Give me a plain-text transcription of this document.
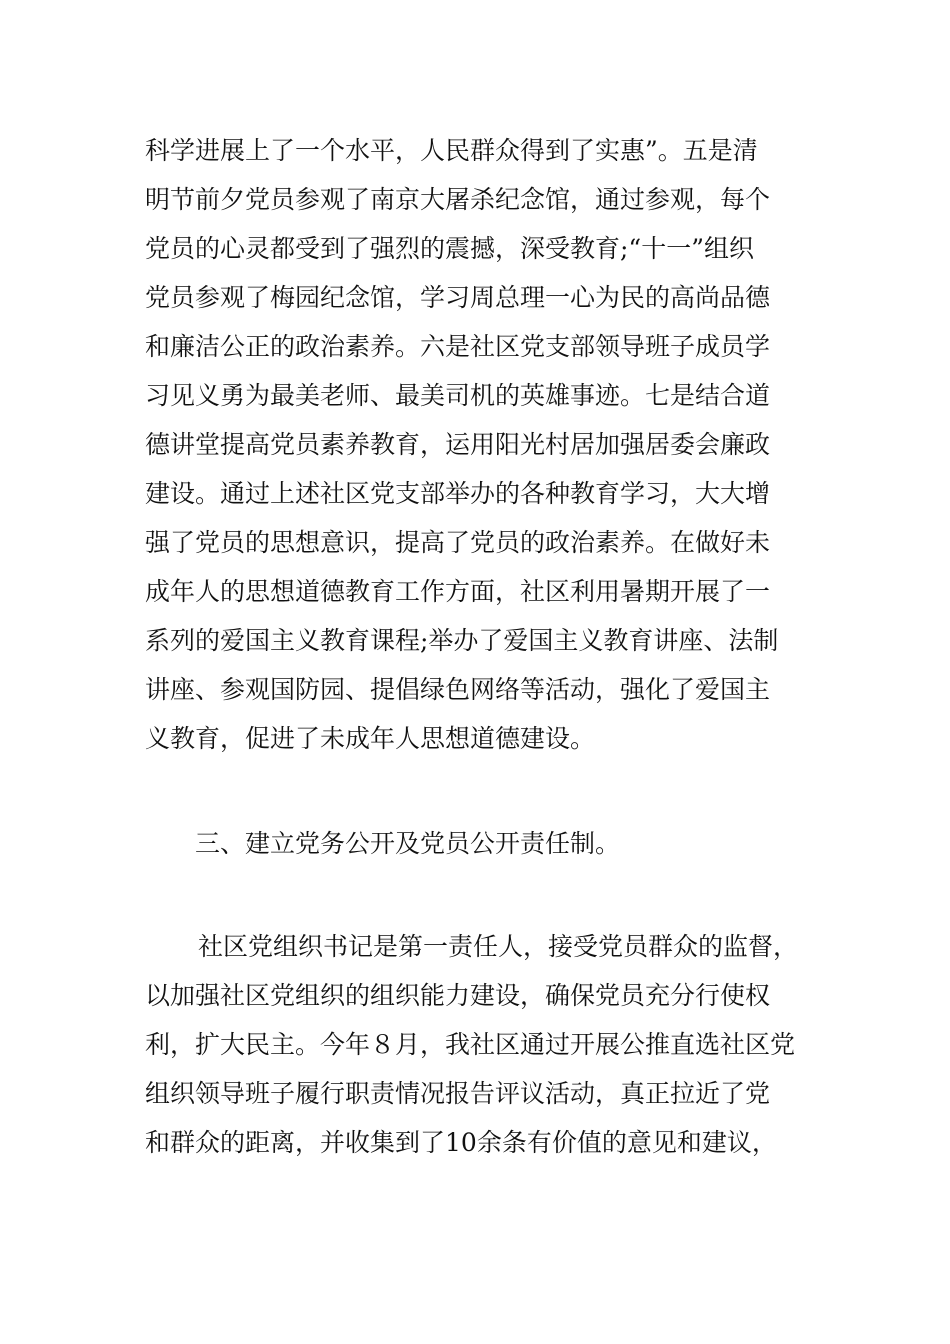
科学进展上了一个水平，人民群众得到了实惠”。五是清
明节前夕党员参观了南京大屠杀纪念馆，通过参观，每个
党员的心灵都受到了强烈的震撼，深受教育;“十一”组织
党员参观了梅园纪念馆，学习周总理一心为民的高尚品德
和廉洁公正的政治素养。六是社区党支部领导班子成员学
习见义勇为最美老师、最美司机的英雄事迹。七是结合道
德讲堂提高党员素养教育，运用阳光村居加强居委会廉政
建设。通过上述社区党支部举办的各种教育学习，大大增
强了党员的思想意识，提高了党员的政治素养。在做好未
成年人的思想道德教育工作方面，社区利用暑期开展了一
系列的爱国主义教育课程;举办了爱国主义教育讲座、法制
讲座、参观国防园、提倡绿色网络等活动，强化了爱国主
义教育，促进了未成年人思想道德建设。
三、建立党务公开及党员公开责任制。
社区党组织书记是第一责任人，接受党员群众的监督，
以加强社区党组织的组织能力建设，确保党员充分行使权
利，扩大民主。今年８月，我社区通过开展公推直选社区党
组织领导班子履行职责情况报告评议活动，真正拉近了党
和群众的距离，并收集到了10余条有价值的意见和建议，
